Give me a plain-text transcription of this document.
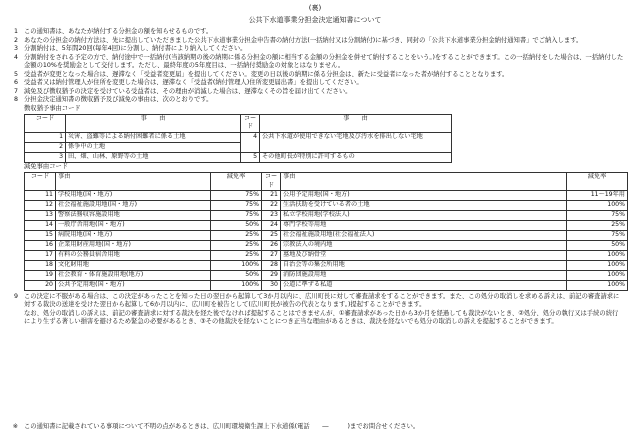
(裏)
公共下水道事業分担金決定通知書について
1 この通知書は、あなたが納付する分担金の額を知らせるものです。
2 あなたの分担金の納付方法は、先に提出していただきました公共下水道事業分担金申告書の納付方法(一括納付又は分割納付)に基づき、同封の「公共下水道事業分担金納付通知書」でご納入します。
3 分割納付は、5年間20回(毎年4回)に分割し、納付書により納入してください。
4 分割納付をされる予定の方で、納付途中で一括納付(当該納期の後の納期に係る分担金の額に相当する金額の分担金を併せて納付することをいう。)をすることができます。この一括納付をした場合は、一括納付した金額の10%を奨励金として交付します。ただし、最終年度の5年度目は、一括納付奨励金の対象とはなりません。
5 受益者が変更となった場合は、遅滞なく「受益者変更届」を提出してください。変更の日以後の納期に係る分担金は、新たに受益者になった者が納付することとなります。
6 受益者又は納付管理人が住所を変更した場合は、遅滞なく「受益者(納付管理人)住所変更届出書」を提出してください。
7 減免及び徴収猶予の決定を受けている受益者は、その理由が消滅した場合は、遅滞なくその旨を届け出てください。
8 分担金決定通知書の徴収猶予及び減免の事由は、次のとおりです。
徴収猶予事由コード
コード	事　　由	コード	事　　由
1	災害、盗難等による納付困難者に係る土地	4	公共下水道が使用できない宅地及び汚水を排出しない宅地
2	係争中の土地		
3	田、畑、山林、原野等の土地	5	その他町長が特別に許可するもの
減免事由コード
コード	事由	減免率	コード	事由	減免率
11	学校用地(国・地方)	75%	21	公用予定用地(国・地方)	11〜19年用
12	社会福祉施設用地(国・地方)	75%	22	生活扶助を受けている者の土地	100%
13	警察法務収容施設用地	75%	23	私立学校用地(学校法人)	75%
14	一般庁舎用地(国・地方)	50%	24	専門学校等用地	25%
15	病院用地(国・地方)	25%	25	社会福祉施設用地(社会福祉法人)	75%
16	企業用財産用地(国・地方)	25%	26	宗教法人の境内地	50%
17	有料の公務員宿舎用地	25%	27	墓地及び納骨堂	100%
18	文化財用地	100%	28	自治会等の集会所用地	100%
19	社会教育・体育施設用地(地方)	50%	29	消防団施設用地	100%
20	公共予定用地(国・地方)	100%	30	公道に準ずる私道	100%
9 この決定に不服がある場合は、この決定があったことを知った日の翌日から起算して3か月以内に、広川町長に対して審査請求をすることができます。また、この処分の取消しを求める訴えは、前記の審査請求に対する裁決の送達を受けた翌日から起算して6か月以内に、広川町を被告として(広川町長が被告の代表となります。)提起することができます。
なお、処分の取消しの訴えは、前記の審査請求に対する裁決を経た後でなければ提起することはできませんが、①審査請求があった日から3か月を経過しても裁決がないとき、②処分、処分の執行又は手続の続行により生ずる著しい損害を避けるため緊急の必要があるとき、③その他裁決を経ないことにつき正当な理由があるときは、裁決を経ないでも処分の取消しの訴えを提起することができます。
※ この通知書に記載されている事項について不明の点があるときは、広川町環境衛生課上下水道係(電話　　―　　　)までお問合せください。
